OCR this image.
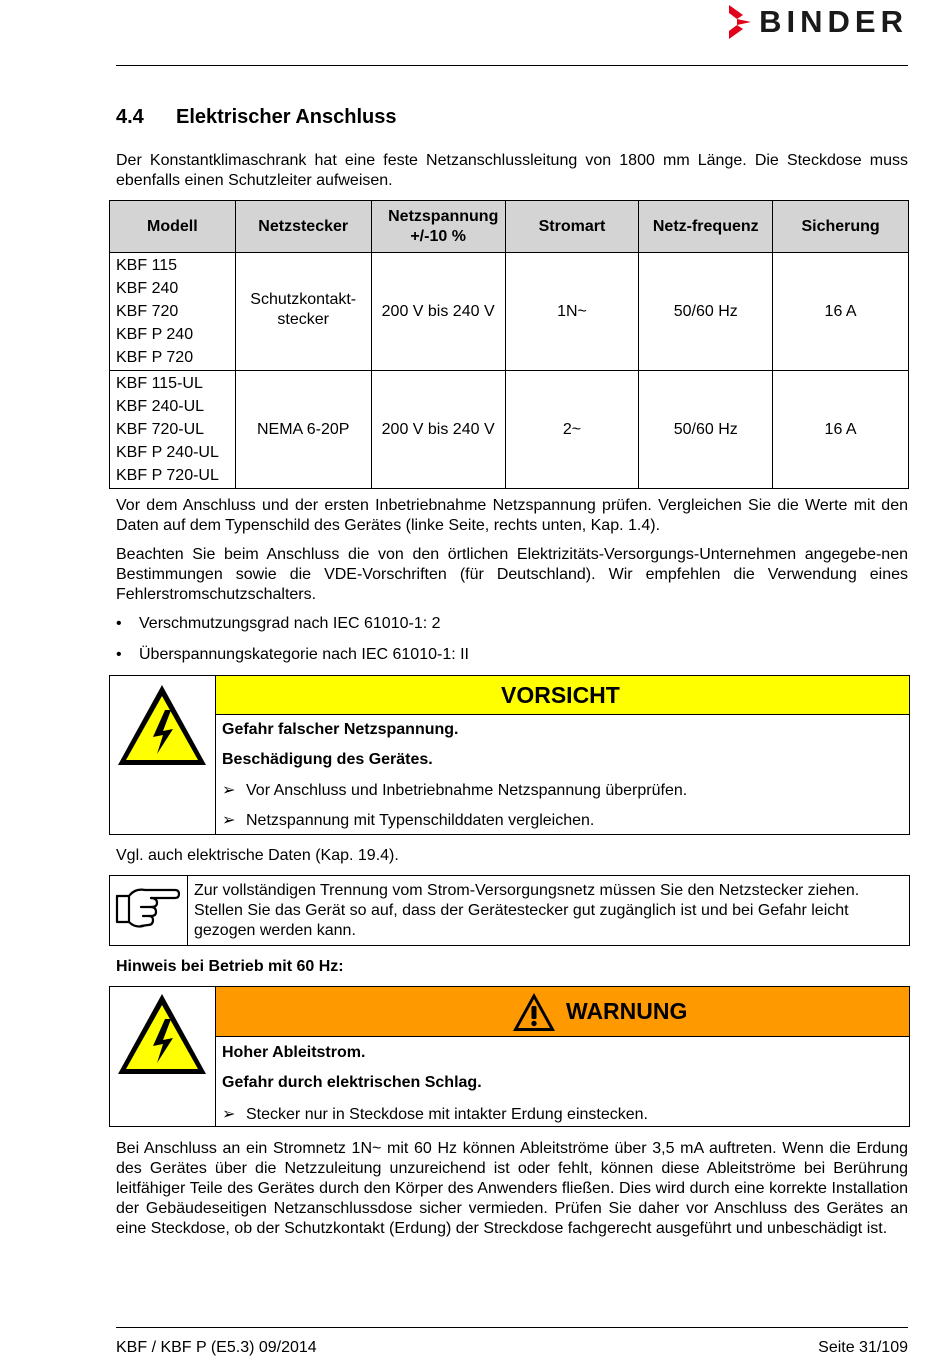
BINDER
4.4 Elektrischer Anschluss
Der Konstantklimaschrank hat eine feste Netzanschlussleitung von 1800 mm Länge. Die Steckdose muss ebenfalls einen Schutzleiter aufweisen.
Modell	Netzstecker	Netzspannung +/-10 %	Stromart	Netz-frequenz	Sicherung

KBF 115
KBF 240
KBF 720
KBF P 240
KBF P 720	Schutzkontakt-stecker	200 V bis 240 V	1N~	50/60 Hz	16 A

KBF 115-UL
KBF 240-UL
KBF 720-UL
KBF P 240-UL
KBF P 720-UL	NEMA 6-20P	200 V bis 240 V	2~	50/60 Hz	16 A
Vor dem Anschluss und der ersten Inbetriebnahme Netzspannung prüfen. Vergleichen Sie die Werte mit den Daten auf dem Typenschild des Gerätes (linke Seite, rechts unten, Kap. 1.4).
Beachten Sie beim Anschluss die von den örtlichen Elektrizitäts-Versorgungs-Unternehmen angegebe-nen Bestimmungen sowie die VDE-Vorschriften (für Deutschland). Wir empfehlen die Verwendung eines Fehlerstromschutzschalters.
• Verschmutzungsgrad nach IEC 61010-1: 2
• Überspannungskategorie nach IEC 61010-1: II
VORSICHT
Gefahr falscher Netzspannung.
Beschädigung des Gerätes.
➢ Vor Anschluss und Inbetriebnahme Netzspannung überprüfen.
➢ Netzspannung mit Typenschilddaten vergleichen.
Vgl. auch elektrische Daten (Kap. 19.4).
Zur vollständigen Trennung vom Strom-Versorgungsnetz müssen Sie den Netzstecker ziehen. Stellen Sie das Gerät so auf, dass der Gerätestecker gut zugänglich ist und bei Gefahr leicht gezogen werden kann.
Hinweis bei Betrieb mit 60 Hz:
WARNUNG
Hoher Ableitstrom.
Gefahr durch elektrischen Schlag.
➢ Stecker nur in Steckdose mit intakter Erdung einstecken.
Bei Anschluss an ein Stromnetz 1N~ mit 60 Hz können Ableitströme über 3,5 mA auftreten. Wenn die Erdung des Gerätes über die Netzzuleitung unzureichend ist oder fehlt, können diese Ableitströme bei Berührung leitfähiger Teile des Gerätes durch den Körper des Anwenders fließen. Dies wird durch eine korrekte Installation der Gebäudeseitigen Netzanschlussdose sicher vermieden. Prüfen Sie daher vor Anschluss des Gerätes an eine Steckdose, ob der Schutzkontakt (Erdung) der Streckdose fachgerecht ausgeführt und unbeschädigt ist.
KBF / KBF P (E5.3) 09/2014	Seite 31/109
